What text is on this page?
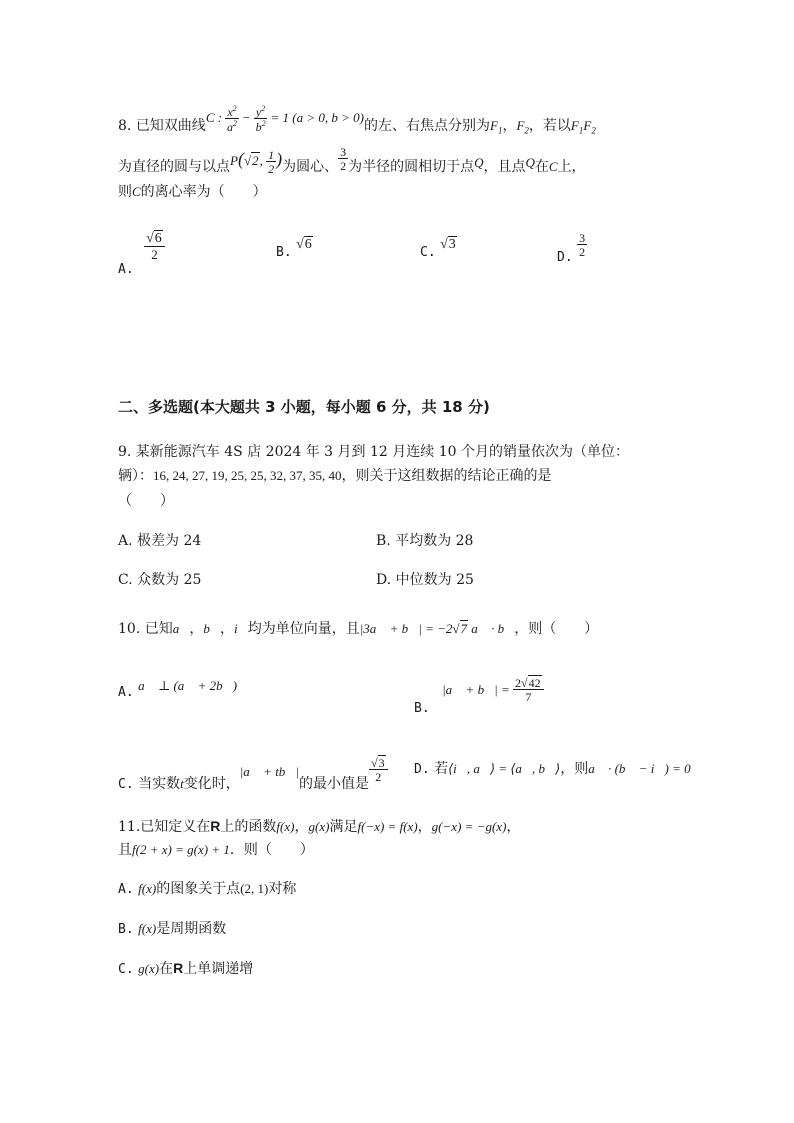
8. 已知双曲线C : $\frac{x^2}{a^2} - \frac{y^2}{b^2} = 1$ (a > 0, b > 0)的左、右焦点分别为$F_1$，$F_2$，若以$F_1F_2$
为直径的圆与以点P(√2, $\frac{1}{2}$ )为圆心、 $\frac{3}{2}$ 为半径的圆相切于点Q，且点Q在C上，
则C的离心率为（　　）
A.
$\frac{√6}{2}$	B. √6
C. √3
D. $\frac{3}{2}$
二、多选题(本大题共 3 小题，每小题 6 分，共 18 分)
9. 某新能源汽车 4S 店 2024 年 3 月到 12 月连续 10 个月的销量依次为（单位：
辆）：16, 24, 27, 19, 25, 25, 32, 37, 35, 40，则关于这组数据的结论正确的是
（　　）
A. 极差为 24	B. 平均数为 28
C. 众数为 25	D. 中位数为 25
10. 已知a⃗，b⃗，i⃗均为单位向量，且|3a⃗ + b⃗| = −2√7 a⃗ · b⃗，则（　　）
A. a⃗ ⊥ (a⃗ + 2b⃗)
B. |a⃗ + b⃗| = $\frac{2√42}{7}$
C. 当实数t变化时，|a⃗ + tb⃗|的最小值是
$\frac{√3}{2} D$. 若⟨i⃗, a⃗⟩ = ⟨a⃗, b⃗⟩，则a⃗ · (b⃗ − i⃗) = 0
11.已知定义在R上的函数f(x)，g(x)满足f(−x) = f(x)，g(−x) = −g(x)，
且f(2 + x) = g(x) + 1．则（　　）
A. f(x)的图象关于点(2, 1)对称
B. f(x)是周期函数
C. g(x)在R上单调递增
